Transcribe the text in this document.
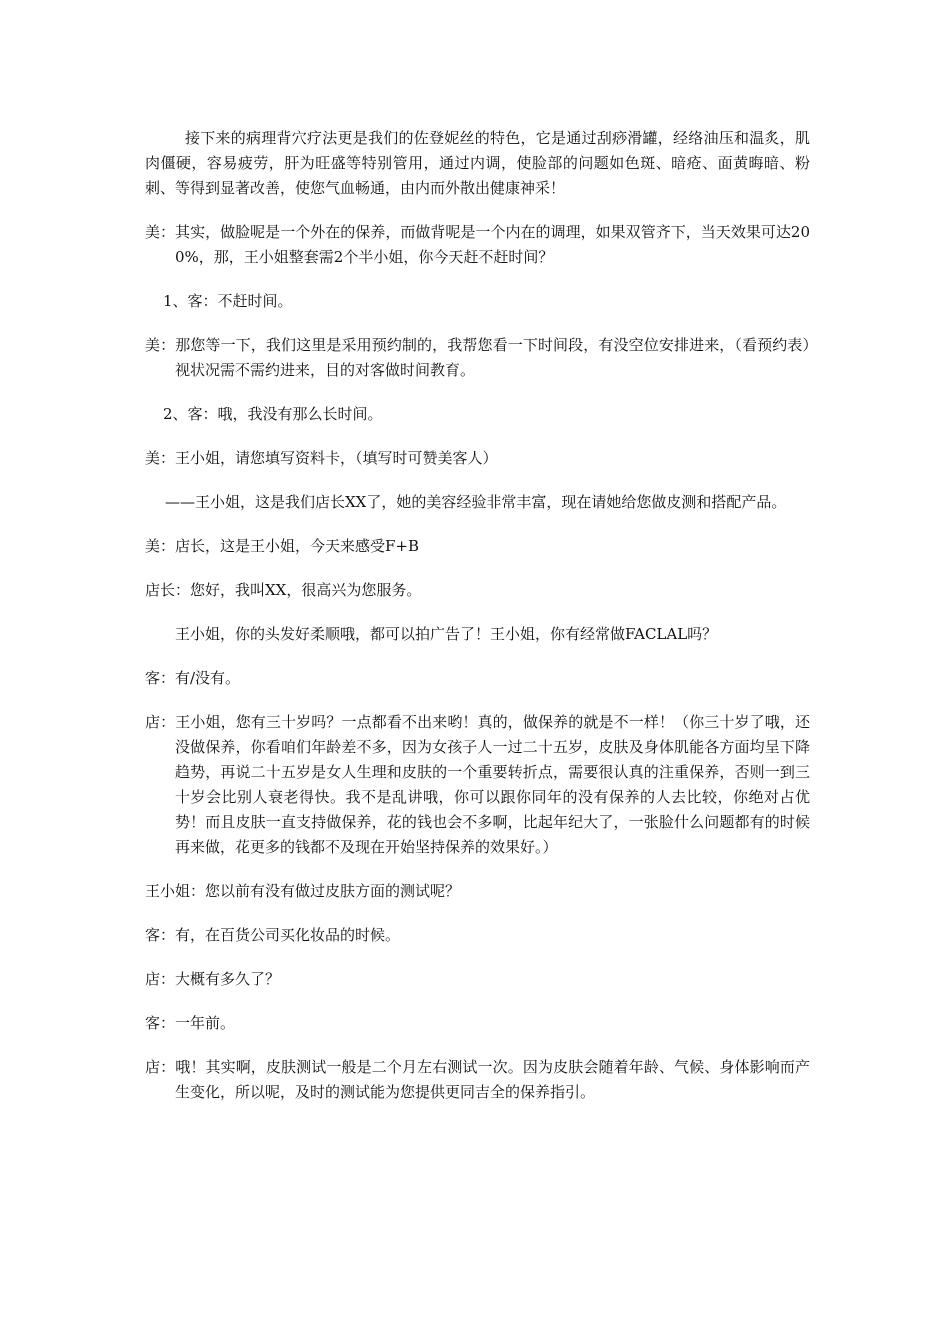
接下来的病理背穴疗法更是我们的佐登妮丝的特色，它是通过刮痧滑罐，经络油压和温炙，肌肉僵硬，容易疲劳，肝为旺盛等特别管用，通过内调，使脸部的问题如色斑、暗疮、面黄晦暗、粉刺、等得到显著改善，使您气血畅通，由内而外散出健康神采！

美：其实，做脸呢是一个外在的保养，而做背呢是一个内在的调理，如果双管齐下，当天效果可达200%，那，王小姐整套需2个半小姐，你今天赶不赶时间？

1、客：不赶时间。

美：那您等一下，我们这里是采用预约制的，我帮您看一下时间段，有没空位安排进来，（看预约表）视状况需不需约进来，目的对客做时间教育。

2、客：哦，我没有那么长时间。

美：王小姐，请您填写资料卡，（填写时可赞美客人）

——王小姐，这是我们店长XX了，她的美容经验非常丰富，现在请她给您做皮测和搭配产品。

美：店长，这是王小姐，今天来感受F+B

店长：您好，我叫XX，很高兴为您服务。

王小姐，你的头发好柔顺哦，都可以拍广告了！王小姐，你有经常做FACLAL吗？

客：有/没有。

店：王小姐，您有三十岁吗？一点都看不出来哟！真的，做保养的就是不一样！（你三十岁了哦，还没做保养，你看咱们年龄差不多，因为女孩子人一过二十五岁，皮肤及身体肌能各方面均呈下降趋势，再说二十五岁是女人生理和皮肤的一个重要转折点，需要很认真的注重保养，否则一到三十岁会比别人衰老得快。我不是乱讲哦，你可以跟你同年的没有保养的人去比较，你绝对占优势！而且皮肤一直支持做保养，花的钱也会不多啊，比起年纪大了，一张脸什么问题都有的时候再来做，花更多的钱都不及现在开始坚持保养的效果好。）

王小姐：您以前有没有做过皮肤方面的测试呢？

客：有，在百货公司买化妆品的时候。

店：大概有多久了？

客：一年前。

店：哦！其实啊，皮肤测试一般是二个月左右测试一次。因为皮肤会随着年龄、气候、身体影响而产生变化，所以呢，及时的测试能为您提供更同吉全的保养指引。
